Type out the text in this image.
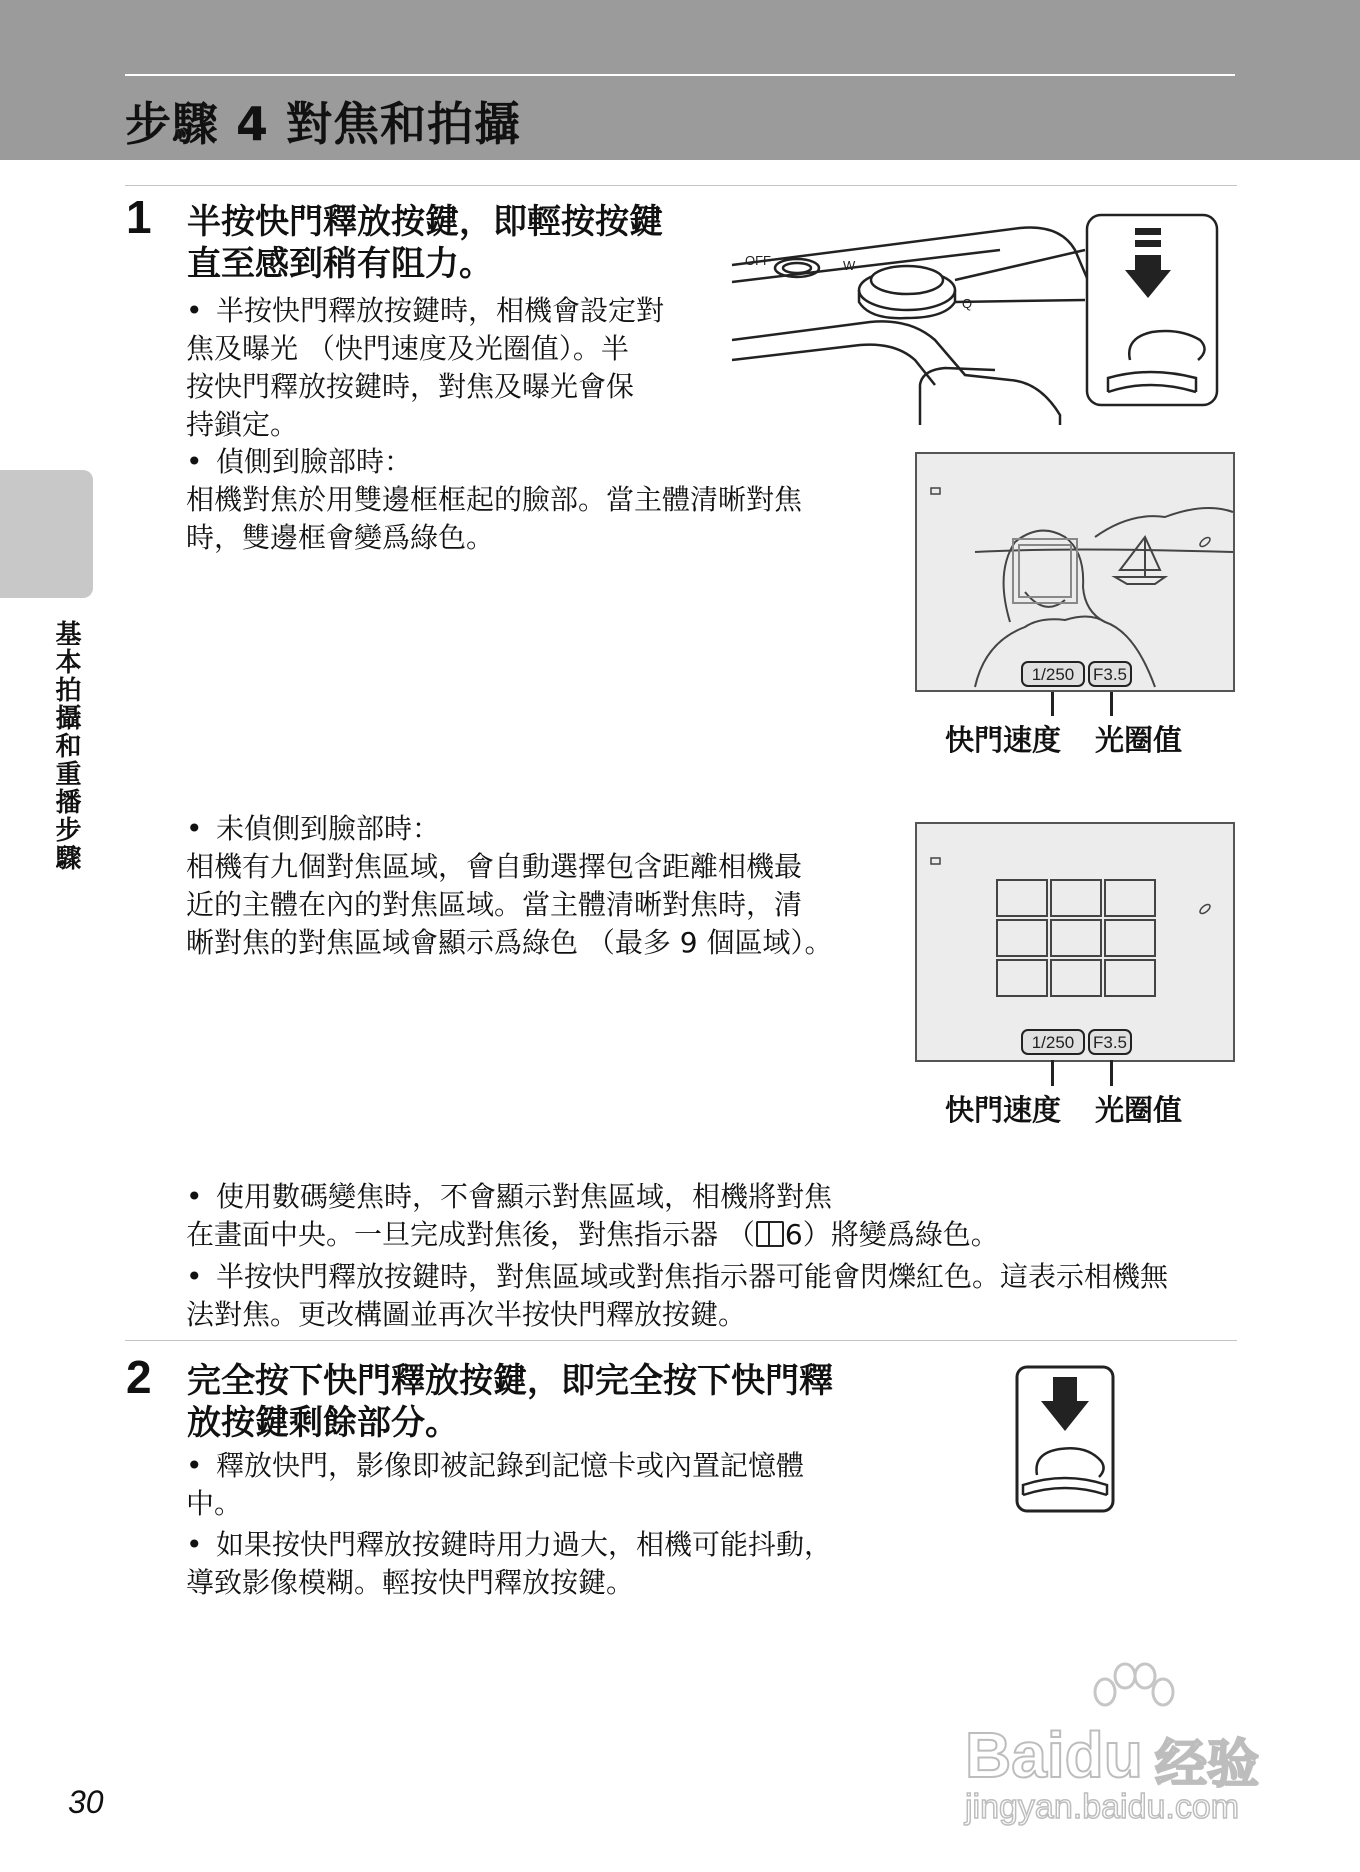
步驟 4 對焦和拍攝
基本拍攝和重播步驟
1 半按快門釋放按鍵，即輕按按鍵
直至感到稍有阻力。
• 半按快門釋放按鍵時，相機會設定對
焦及曝光 （快門速度及光圈值）。半
按快門釋放按鍵時，對焦及曝光會保
持鎖定。
• 偵側到臉部時：
相機對焦於用雙邊框框起的臉部。當主體清晰對焦
時，雙邊框會變爲綠色。
OFF	W
Q
1/250 F3.5
快門速度 光圈值
• 未偵側到臉部時：
相機有九個對焦區域，會自動選擇包含距離相機最
近的主體在內的對焦區域。當主體清晰對焦時，清
晰對焦的對焦區域會顯示爲綠色 （最多 9 個區域）。
1/250 F3.5
快門速度 光圈值
• 使用數碼變焦時，不會顯示對焦區域，相機將對焦
在畫面中央。一旦完成對焦後，對焦指示器 （ 6）將變爲綠色。
• 半按快門釋放按鍵時，對焦區域或對焦指示器可能會閃爍紅色。這表示相機無
法對焦。更改構圖並再次半按快門釋放按鍵。
2 完全按下快門釋放按鍵，即完全按下快門釋
放按鍵剩餘部分。
• 釋放快門，影像即被記錄到記憶卡或內置記憶體
中。
• 如果按快門釋放按鍵時用力過大，相機可能抖動，
導致影像模糊。輕按快門釋放按鍵。
30
Baidu 经验
jingyan.baidu.com
